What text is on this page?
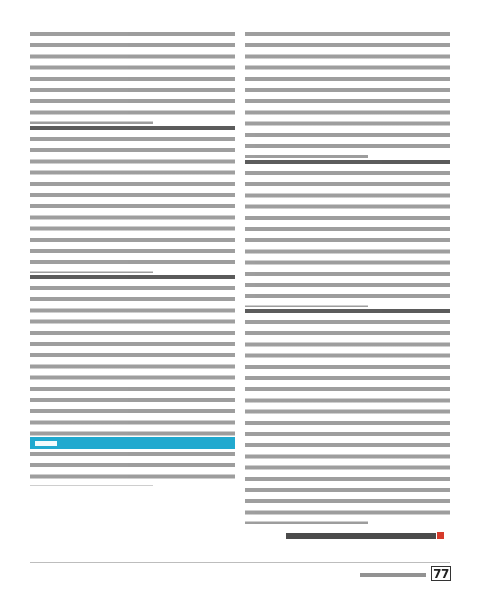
77
